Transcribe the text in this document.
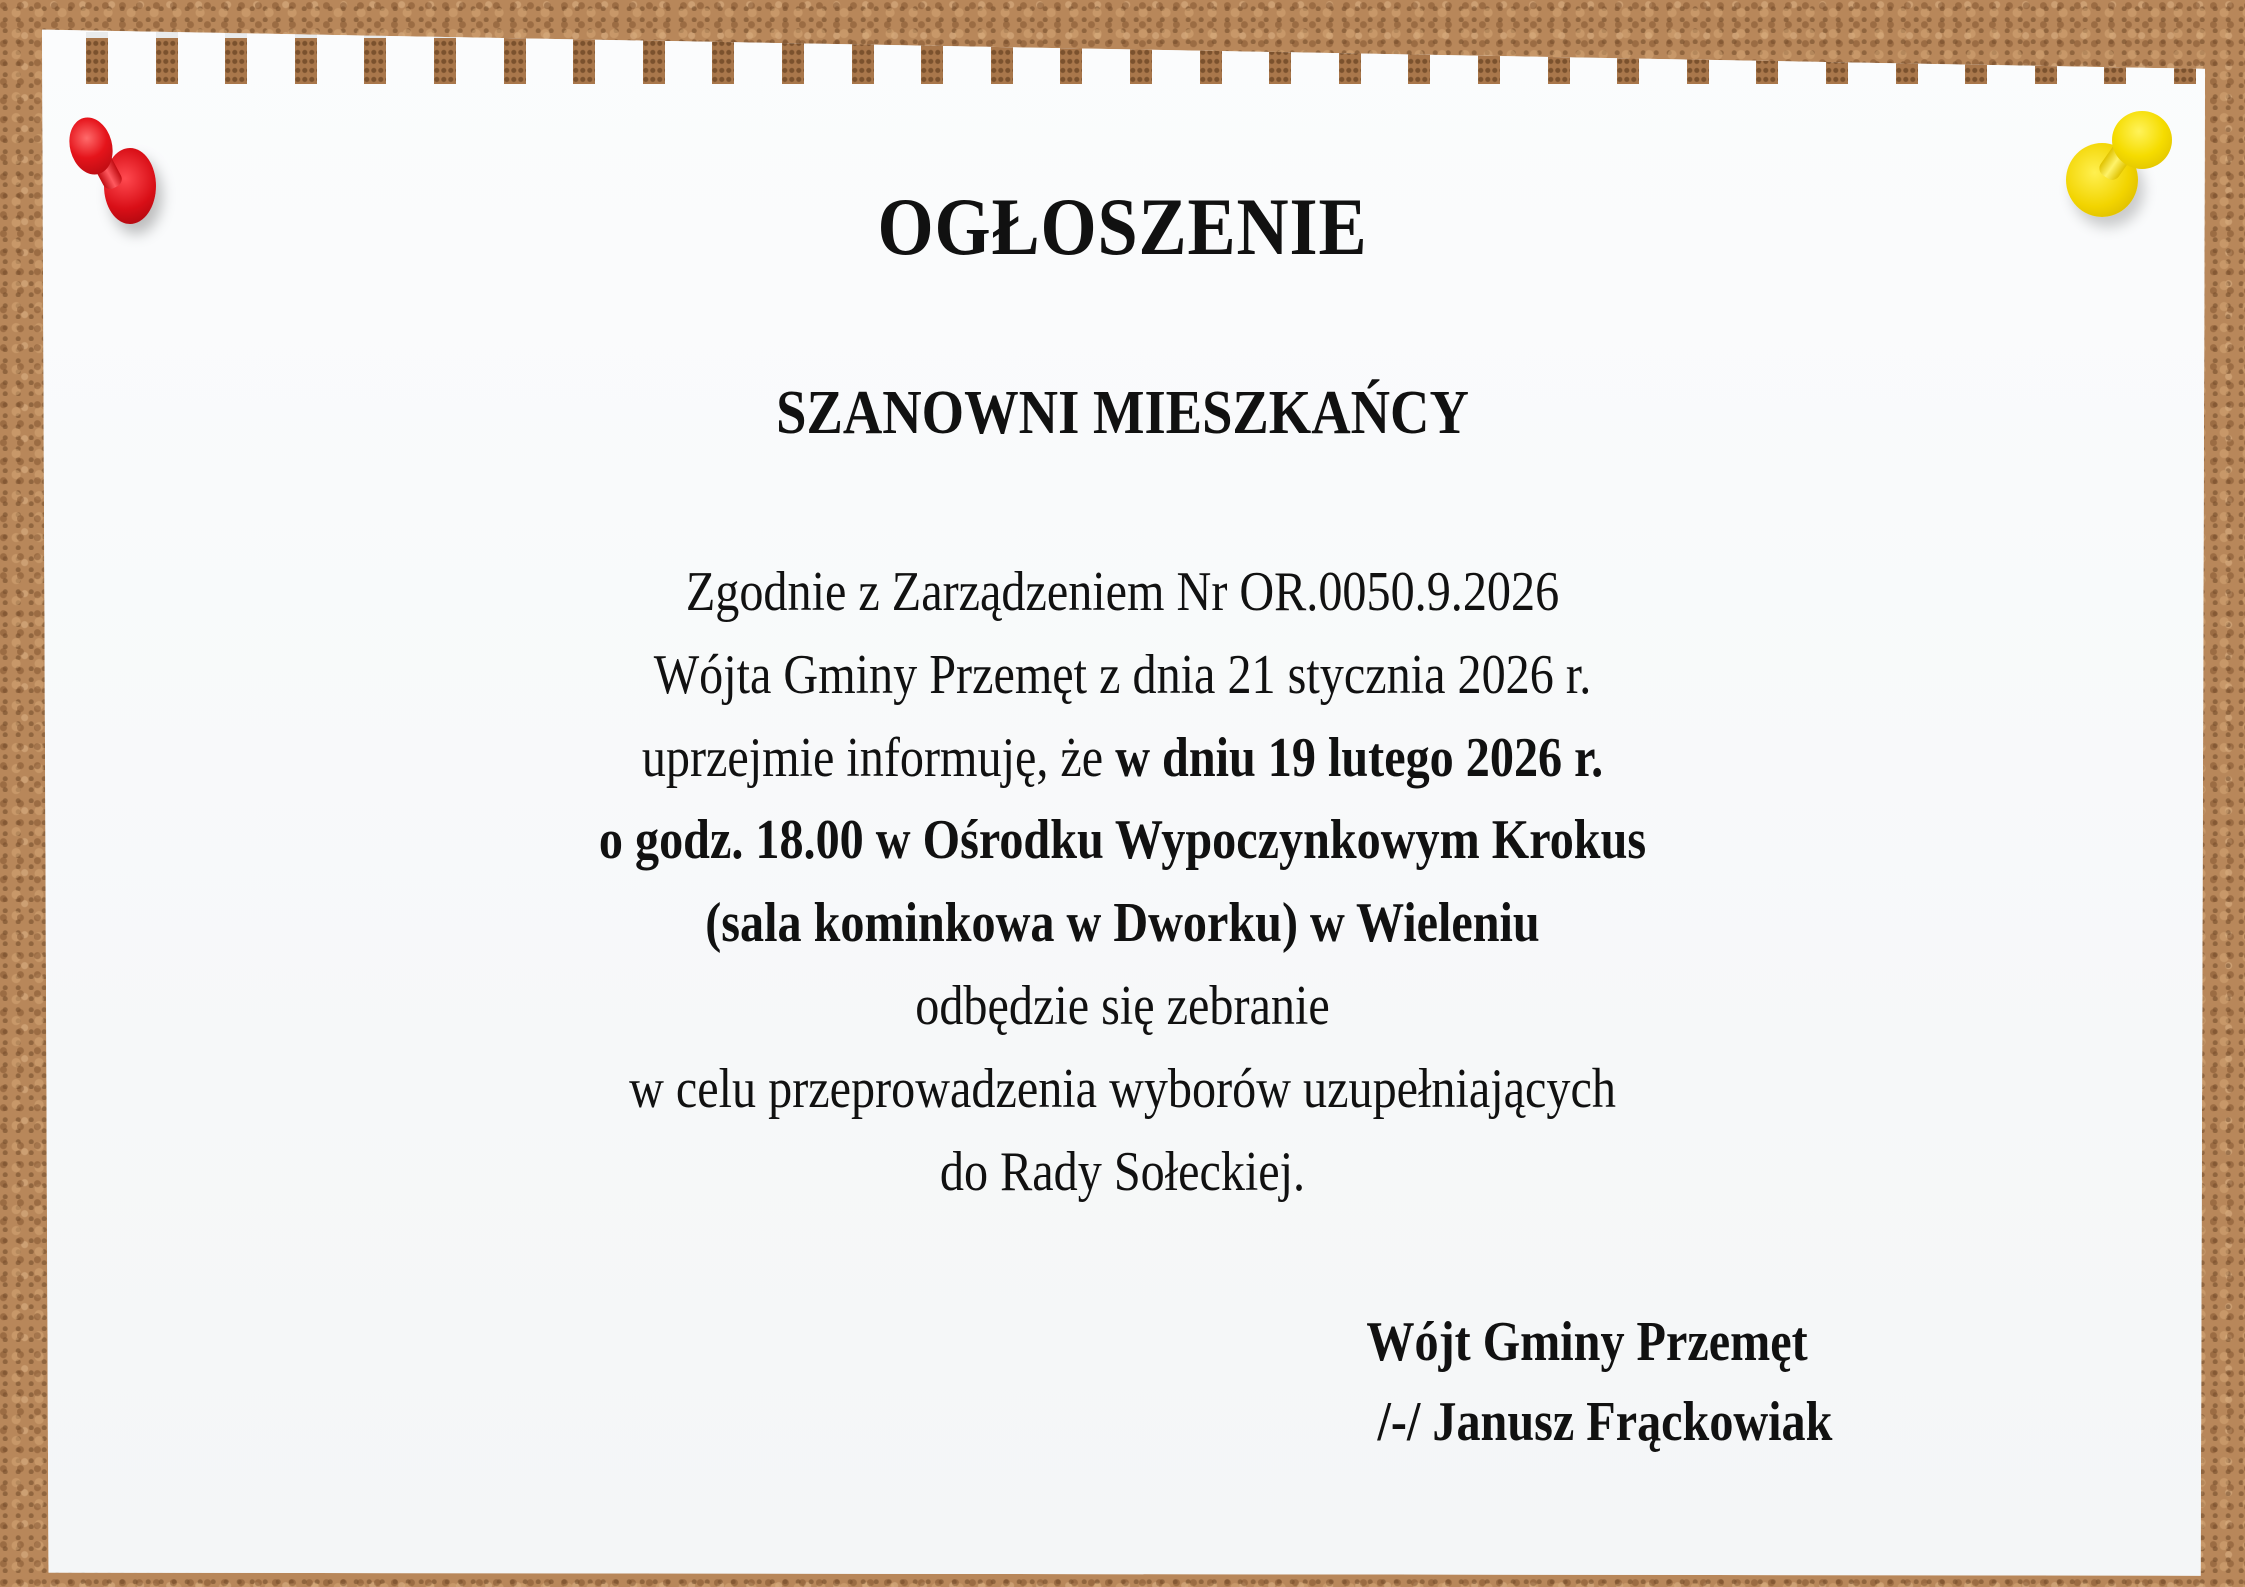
OGŁOSZENIE
SZANOWNI MIESZKAŃCY
Zgodnie z Zarządzeniem Nr OR.0050.9.2026
Wójta Gminy Przemęt z dnia 21 stycznia 2026 r.
uprzejmie informuję, że w dniu 19 lutego 2026 r.
o godz. 18.00 w Ośrodku Wypoczynkowym Krokus
(sala kominkowa w Dworku) w Wieleniu
odbędzie się zebranie
w celu przeprowadzenia wyborów uzupełniających
do Rady Sołeckiej.
Wójt Gminy Przemęt
/-/ Janusz Frąckowiak
